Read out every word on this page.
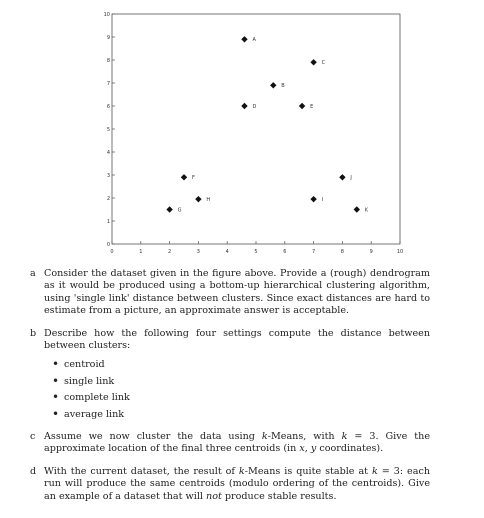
0	1	2	3	4	5	6	7	8	9	10
0
1
2
3
4
5
6
7
8
9
10
A
B
C
D	E
F
G
H	I
J
K
a Consider the dataset given in the figure above. Provide a (rough) dendrogram as it would be produced using a bottom-up hierarchical clustering algorithm, using 'single link' distance between clusters. Since exact distances are hard to estimate from a picture, an approximate answer is acceptable.
b Describe how the following four settings compute the distance between between clusters:
• centroid
• single link
• complete link
• average link
c Assume we now cluster the data using k-Means, with k = 3. Give the approximate location of the final three centroids (in x, y coordinates).
d With the current dataset, the result of k-Means is quite stable at k = 3: each run will produce the same centroids (modulo ordering of the centroids). Give an example of a dataset that will not produce stable results.
